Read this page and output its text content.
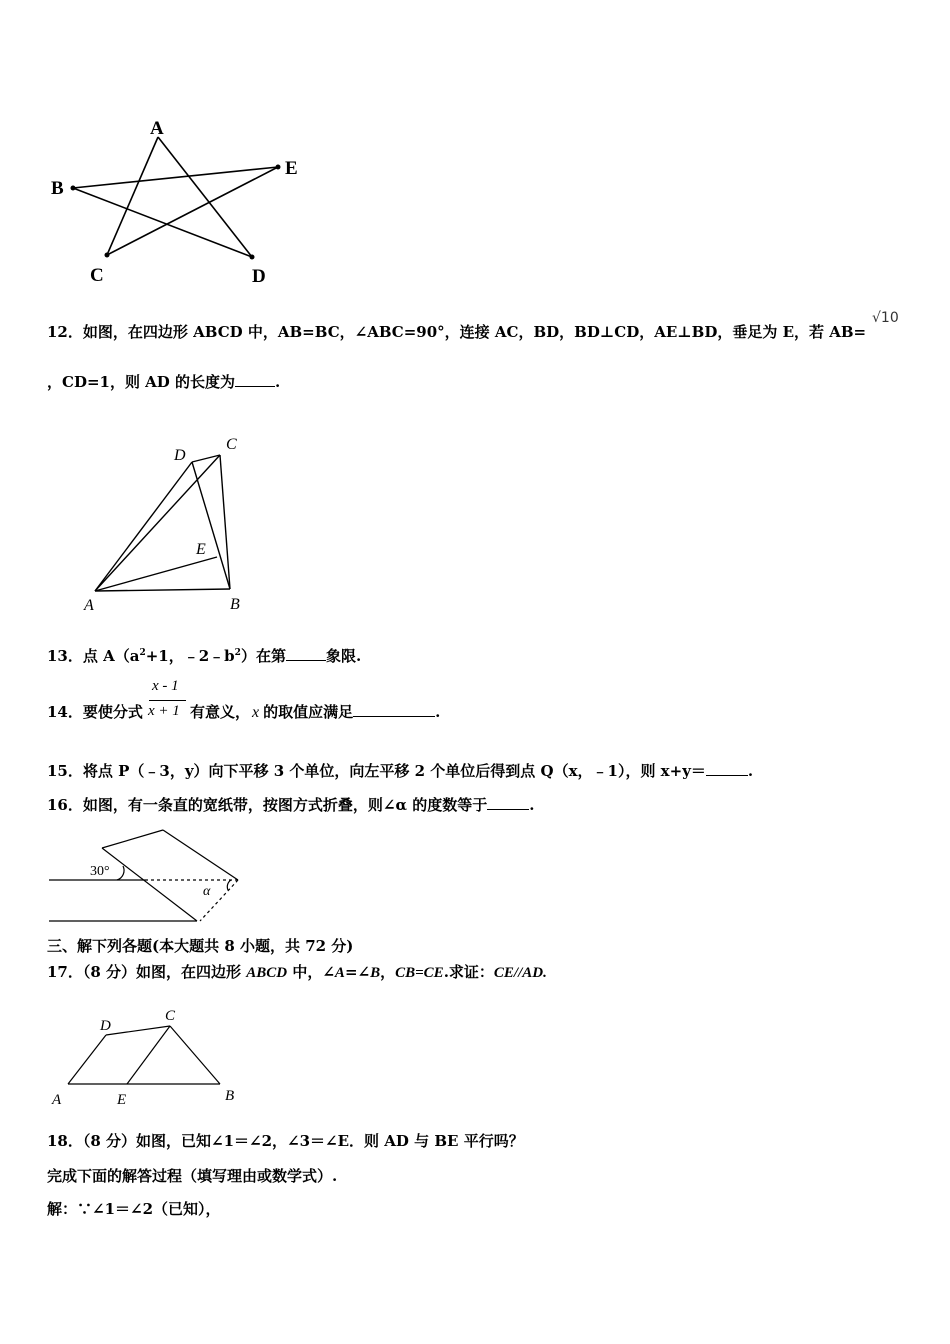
A
B
E
C	D
12．如图，在四边形 ABCD 中，AB=BC，∠ABC=90°，连接 AC，BD，BD⊥CD，AE⊥BD，垂足为 E，若 AB=
√10
，CD=1，则 AD 的长度为	.
D
C
E
A	B
13．点 $A(a^2+1$，$﹣2﹣b^2$）在第	象限.
x - 1
x + 1
14．要使分式	有意义， x 的取值应满足	.
15．将点 P（﹣3，y）向下平移 3 个单位，向左平移 2 个单位后得到点 Q（x，﹣1），则 x+y＝	.
16．如图，有一条直的宽纸带，按图方式折叠，则∠α 的度数等于	.
30°
α
三、解下列各题(本大题共 8 小题，共 72 分)
17．（8 分）如图，在四边形 ABCD 中，∠A=∠B，CB=CE.求证：CE//AD.
D
C
A	E	B
18．（8 分）如图，已知∠1＝∠2，∠3＝∠E．则 AD 与 BE 平行吗？
完成下面的解答过程（填写理由或数学式）.
解：∵∠1＝∠2（已知），
